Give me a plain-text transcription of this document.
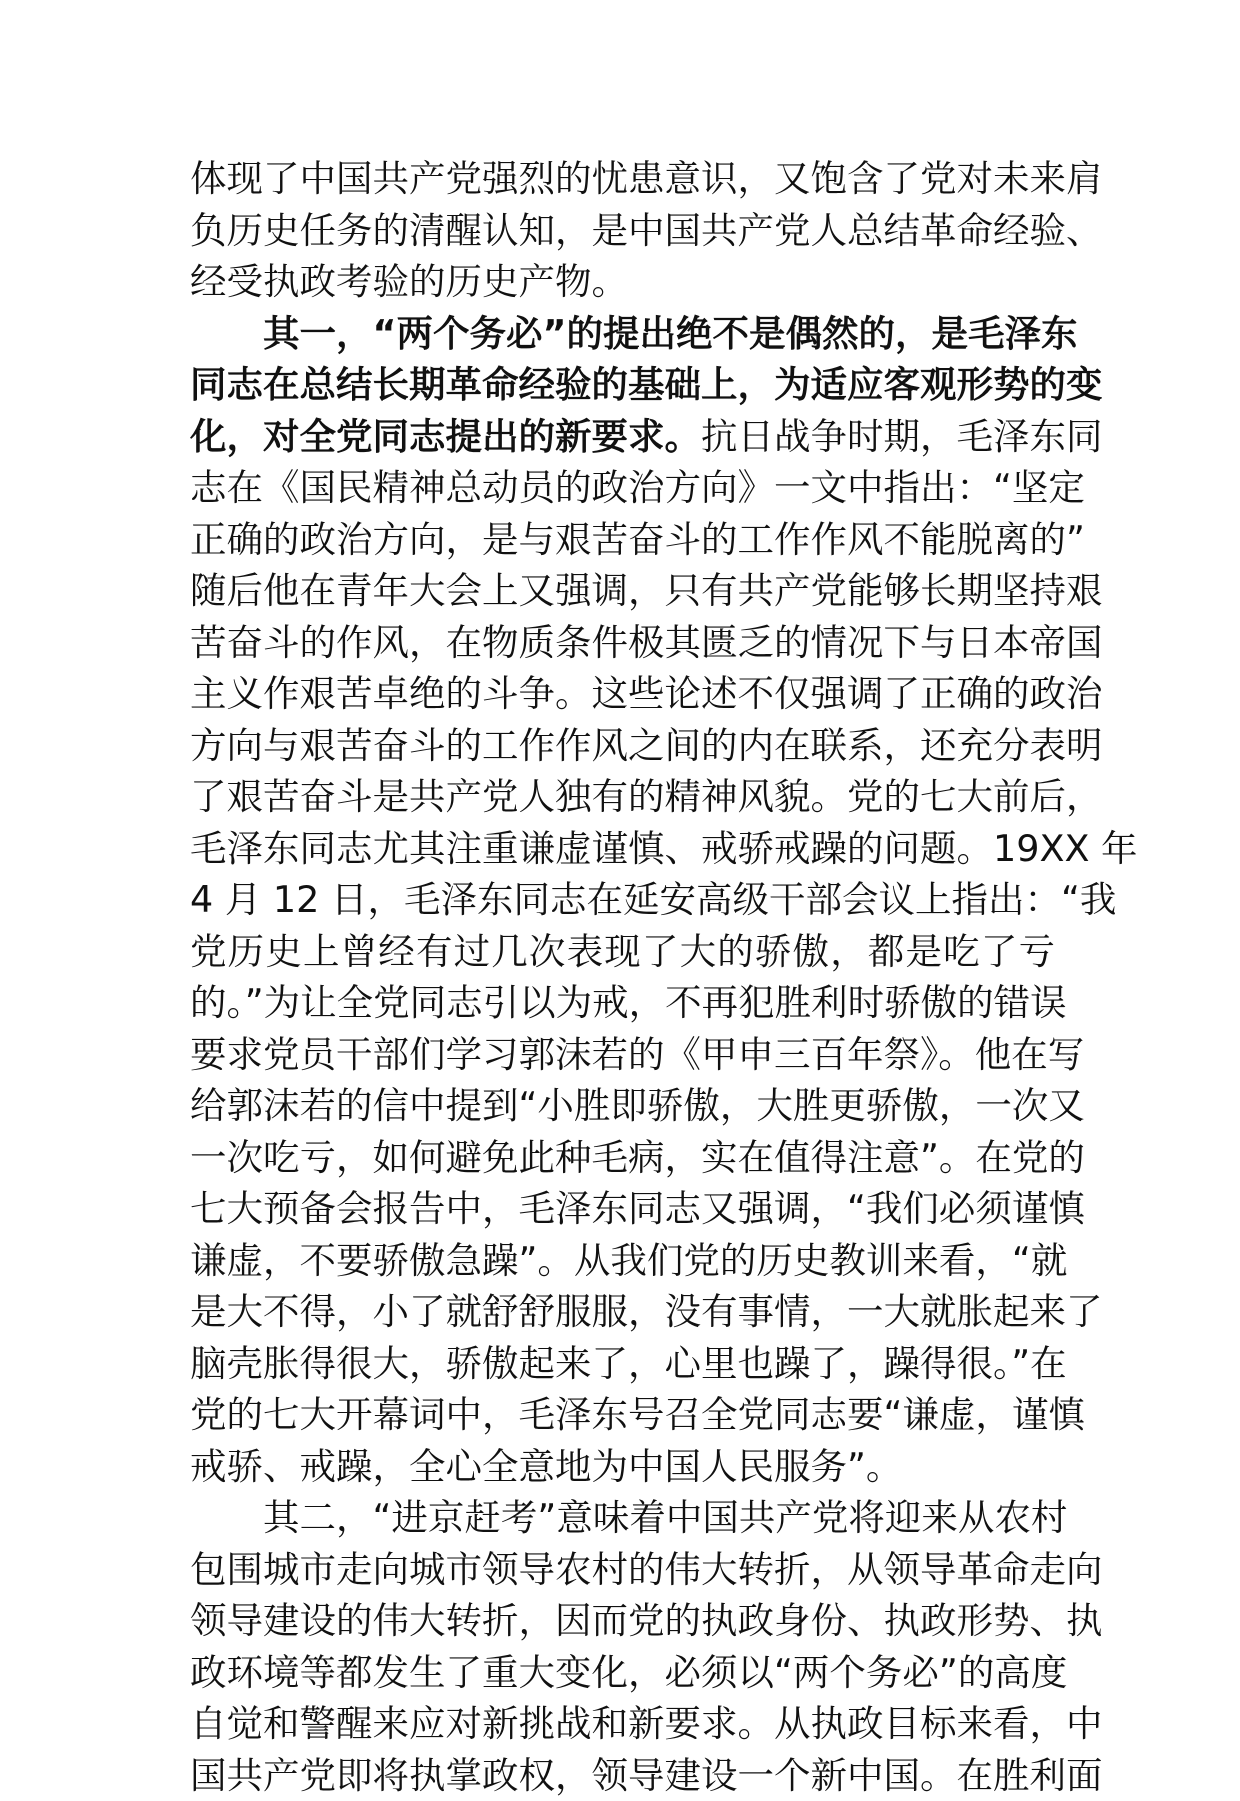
体现了中国共产党强烈的忧患意识，又饱含了党对未来肩
负历史任务的清醒认知，是中国共产党人总结革命经验、
经受执政考验的历史产物。
　　其一，“两个务必”的提出绝不是偶然的，是毛泽东
同志在总结长期革命经验的基础上，为适应客观形势的变
化，对全党同志提出的新要求。抗日战争时期，毛泽东同
志在《国民精神总动员的政治方向》一文中指出：“坚定
正确的政治方向，是与艰苦奋斗的工作作风不能脱离的”
随后他在青年大会上又强调，只有共产党能够长期坚持艰
苦奋斗的作风，在物质条件极其匮乏的情况下与日本帝国
主义作艰苦卓绝的斗争。这些论述不仅强调了正确的政治
方向与艰苦奋斗的工作作风之间的内在联系，还充分表明
了艰苦奋斗是共产党人独有的精神风貌。党的七大前后，
毛泽东同志尤其注重谦虚谨慎、戒骄戒躁的问题。19XX 年
4 月 12 日，毛泽东同志在延安高级干部会议上指出：“我
党历史上曾经有过几次表现了大的骄傲，都是吃了亏
的。”为让全党同志引以为戒，不再犯胜利时骄傲的错误
要求党员干部们学习郭沫若的《甲申三百年祭》。他在写
给郭沫若的信中提到“小胜即骄傲，大胜更骄傲，一次又
一次吃亏，如何避免此种毛病，实在值得注意”。在党的
七大预备会报告中，毛泽东同志又强调，“我们必须谨慎
谦虚，不要骄傲急躁”。从我们党的历史教训来看，“就
是大不得，小了就舒舒服服，没有事情，一大就胀起来了
脑壳胀得很大，骄傲起来了，心里也躁了，躁得很。”在
党的七大开幕词中，毛泽东号召全党同志要“谦虚，谨慎
戒骄、戒躁，全心全意地为中国人民服务”。
　　其二，“进京赶考”意味着中国共产党将迎来从农村
包围城市走向城市领导农村的伟大转折，从领导革命走向
领导建设的伟大转折，因而党的执政身份、执政形势、执
政环境等都发生了重大变化，必须以“两个务必”的高度
自觉和警醒来应对新挑战和新要求。从执政目标来看，中
国共产党即将执掌政权，领导建设一个新中国。在胜利面
